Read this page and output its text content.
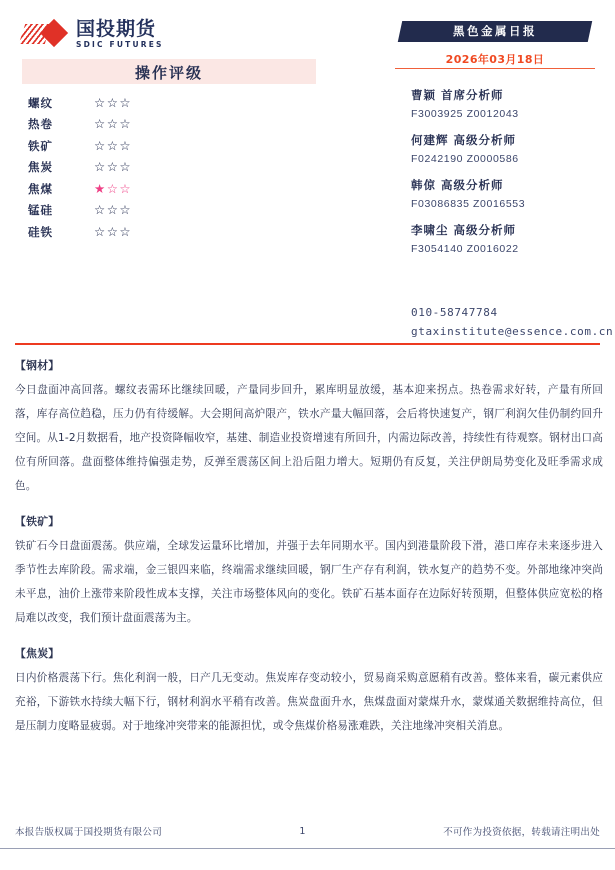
国投期货
SDIC FUTURES
操作评级
螺纹	☆☆☆
热卷	☆☆☆
铁矿	☆☆☆
焦炭	☆☆☆
焦煤	★☆☆
锰硅	☆☆☆
硅铁	☆☆☆
黑色金属日报
2026年03月18日
曹颖 首席分析师
F3003925 Z0012043
何建辉 高级分析师
F0242190 Z0000586
韩倞 高级分析师
F03086835 Z0016553
李啸尘 高级分析师
F3054140 Z0016022
010-58747784
gtaxinstitute@essence.com.cn
【钢材】
今日盘面冲高回落。螺纹表需环比继续回暖，产量同步回升，累库明显放缓，基本迎来拐点。热卷需求好转，产量有所回落，库存高位趋稳，压力仍有待缓解。大会期间高炉限产，铁水产量大幅回落，会后将快速复产，钢厂利润欠佳仍制约回升空间。从1-2月数据看，地产投资降幅收窄，基建、制造业投资增速有所回升，内需边际改善，持续性有待观察。钢材出口高位有所回落。盘面整体维持偏强走势，反弹至震荡区间上沿后阻力增大。短期仍有反复，关注伊朗局势变化及旺季需求成色。
【铁矿】
铁矿石今日盘面震荡。供应端，全球发运量环比增加，并强于去年同期水平。国内到港量阶段下滑，港口库存未来逐步进入季节性去库阶段。需求端，金三银四来临，终端需求继续回暖，钢厂生产存有利润，铁水复产的趋势不变。外部地缘冲突尚未平息，油价上涨带来阶段性成本支撑，关注市场整体风向的变化。铁矿石基本面存在边际好转预期，但整体供应宽松的格局难以改变，我们预计盘面震荡为主。
【焦炭】
日内价格震荡下行。焦化利润一般，日产几无变动。焦炭库存变动较小，贸易商采购意愿稍有改善。整体来看，碳元素供应充裕，下游铁水持续大幅下行，钢材利润水平稍有改善。焦炭盘面升水，焦煤盘面对蒙煤升水，蒙煤通关数据维持高位，但是压制力度略显疲弱。对于地缘冲突带来的能源担忧，或令焦煤价格易涨难跌，关注地缘冲突相关消息。
本报告版权属于国投期货有限公司	1	不可作为投资依据，转载请注明出处
